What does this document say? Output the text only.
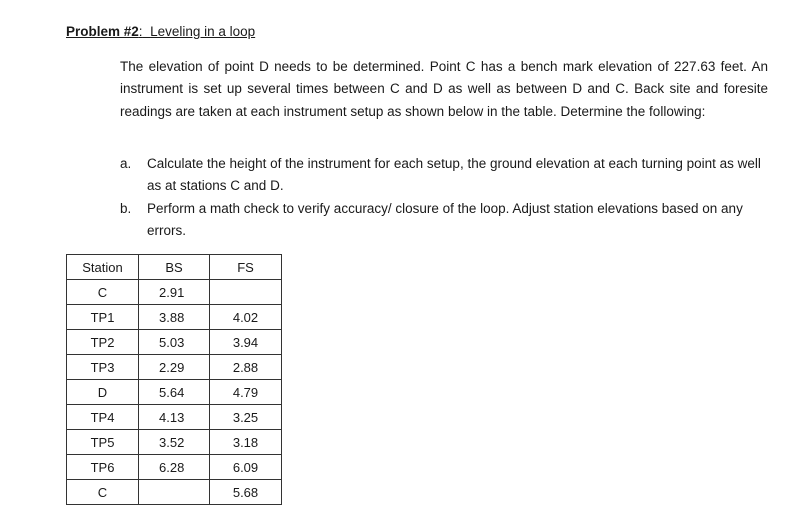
Problem #2: Leveling in a loop

The elevation of point D needs to be determined. Point C has a bench mark elevation of 227.63 feet. An instrument is set up several times between C and D as well as between D and C. Back site and foresite readings are taken at each instrument setup as shown below in the table. Determine the following:

a. Calculate the height of the instrument for each setup, the ground elevation at each turning point as well as at stations C and D.
b. Perform a math check to verify accuracy/ closure of the loop. Adjust station elevations based on any errors.
Station	BS	FS
C	2.91	
TP1	3.88	4.02
TP2	5.03	3.94
TP3	2.29	2.88
D	5.64	4.79
TP4	4.13	3.25
TP5	3.52	3.18
TP6	6.28	6.09
C		5.68
